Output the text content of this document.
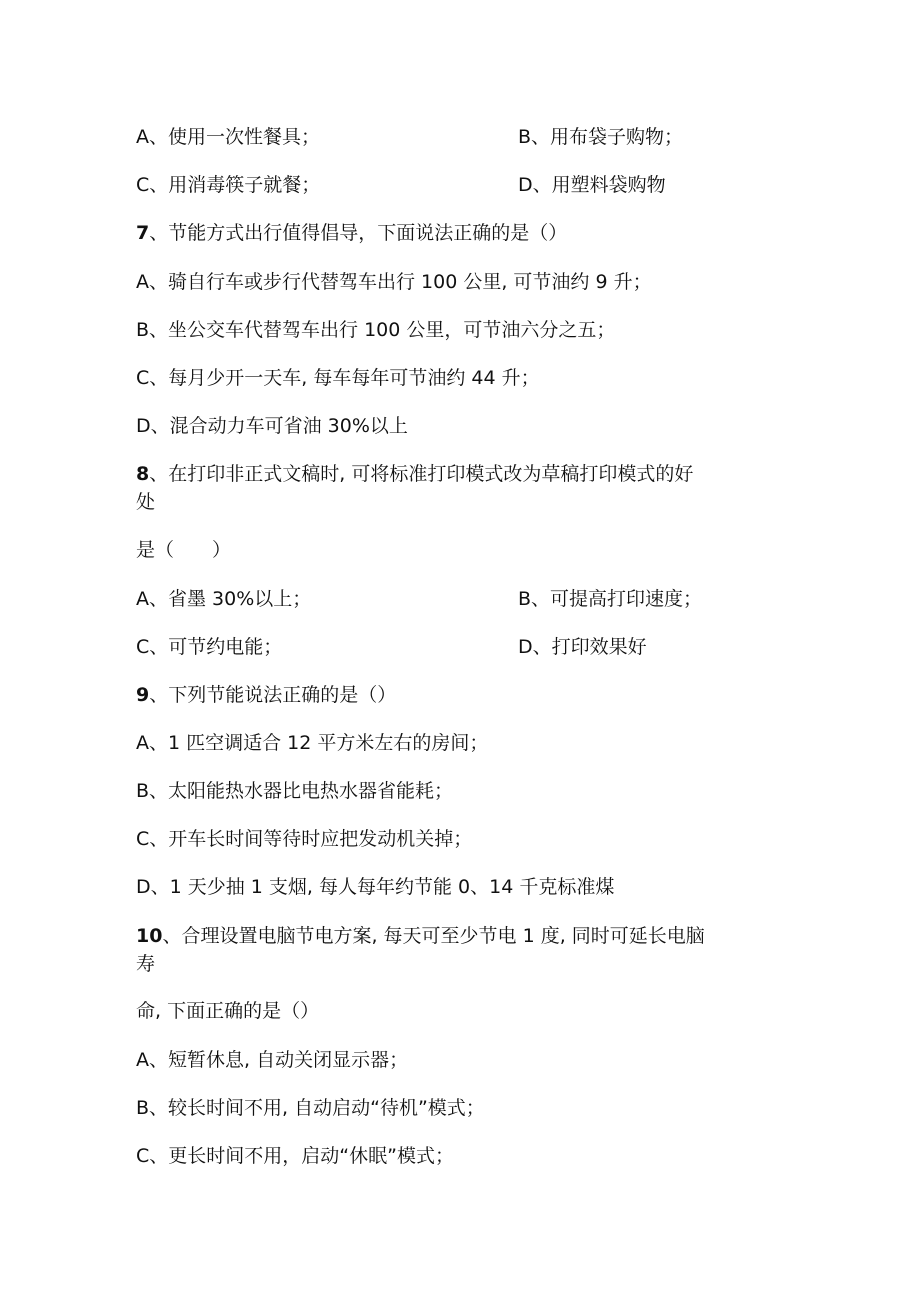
A、使用一次性餐具；	B、用布袋子购物；
C、用消毒筷子就餐；	D、用塑料袋购物
7、节能方式出行值得倡导，下面说法正确的是（）
A、骑自行车或步行代替驾车出行 100 公里, 可节油约 9 升；
B、坐公交车代替驾车出行 100 公里，可节油六分之五；
C、每月少开一天车, 每车每年可节油约 44 升；
D、混合动力车可省油 30%以上
8、在打印非正式文稿时, 可将标准打印模式改为草稿打印模式的好
处
是（　　）
A、省墨 30%以上；	B、可提高打印速度；
C、可节约电能；	D、打印效果好
9、下列节能说法正确的是（）
A、1 匹空调适合 12 平方米左右的房间；
B、太阳能热水器比电热水器省能耗；
C、开车长时间等待时应把发动机关掉；
D、1 天少抽 1 支烟, 每人每年约节能 0、14 千克标准煤
10、合理设置电脑节电方案, 每天可至少节电 1 度, 同时可延长电脑
寿
命, 下面正确的是（）
A、短暂休息, 自动关闭显示器；
B、较长时间不用, 自动启动“待机”模式；
C、更长时间不用，启动“休眠”模式；
